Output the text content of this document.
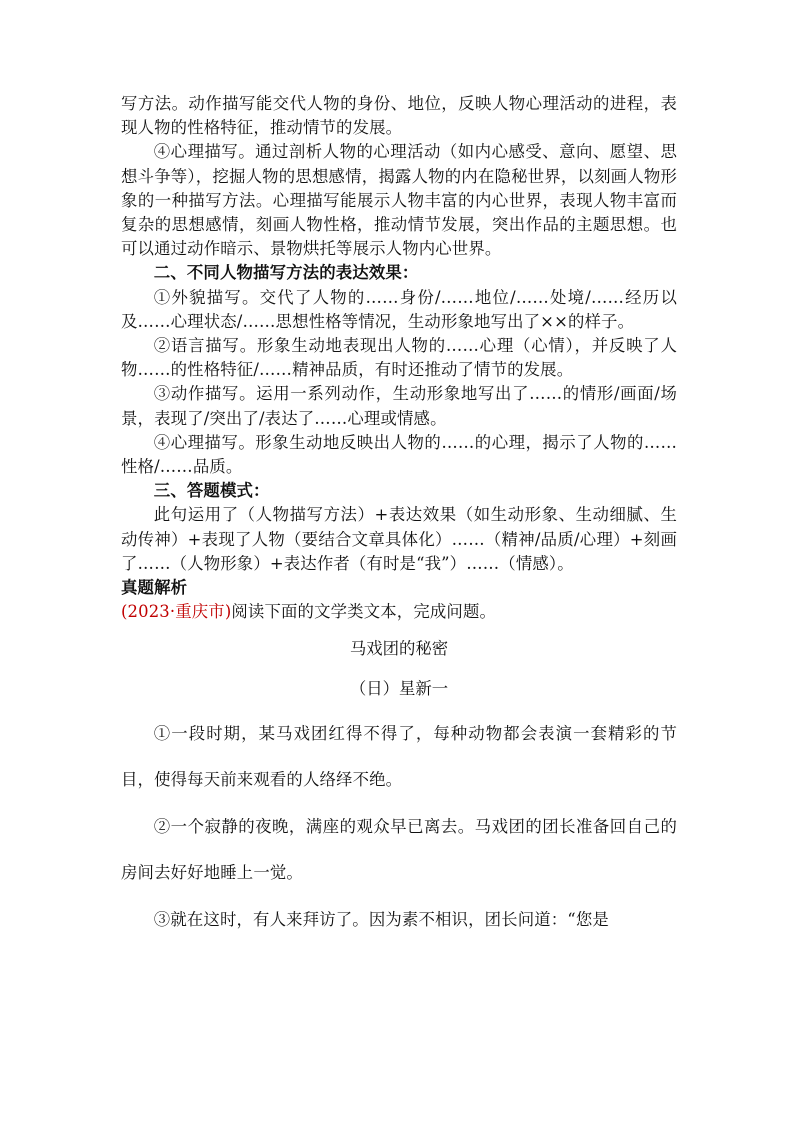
写方法。动作描写能交代人物的身份、地位，反映人物心理活动的进程，表现人物的性格特征，推动情节的发展。

④心理描写。通过剖析人物的心理活动（如内心感受、意向、愿望、思想斗争等），挖掘人物的思想感情，揭露人物的内在隐秘世界，以刻画人物形象的一种描写方法。心理描写能展示人物丰富的内心世界，表现人物丰富而复杂的思想感情，刻画人物性格，推动情节发展，突出作品的主题思想。也可以通过动作暗示、景物烘托等展示人物内心世界。

二、不同人物描写方法的表达效果：

①外貌描写。交代了人物的……身份/……地位/……处境/……经历以及……心理状态/……思想性格等情况，生动形象地写出了××的样子。

②语言描写。形象生动地表现出人物的……心理（心情），并反映了人物……的性格特征/……精神品质，有时还推动了情节的发展。

③动作描写。运用一系列动作，生动形象地写出了……的情形/画面/场景，表现了/突出了/表达了……心理或情感。

④心理描写。形象生动地反映出人物的……的心理，揭示了人物的……性格/……品质。

三、答题模式：

此句运用了（人物描写方法）+表达效果（如生动形象、生动细腻、生动传神）+表现了人物（要结合文章具体化）……（精神/品质/心理）+刻画了……（人物形象）+表达作者（有时是“我”）……（情感）。

真题解析

(2023·重庆市)阅读下面的文学类文本，完成问题。

马戏团的秘密
（日）星新一

①一段时期，某马戏团红得不得了，每种动物都会表演一套精彩的节目，使得每天前来观看的人络绎不绝。

②一个寂静的夜晚，满座的观众早已离去。马戏团的团长准备回自己的房间去好好地睡上一觉。

③就在这时，有人来拜访了。因为素不相识，团长问道：“您是
